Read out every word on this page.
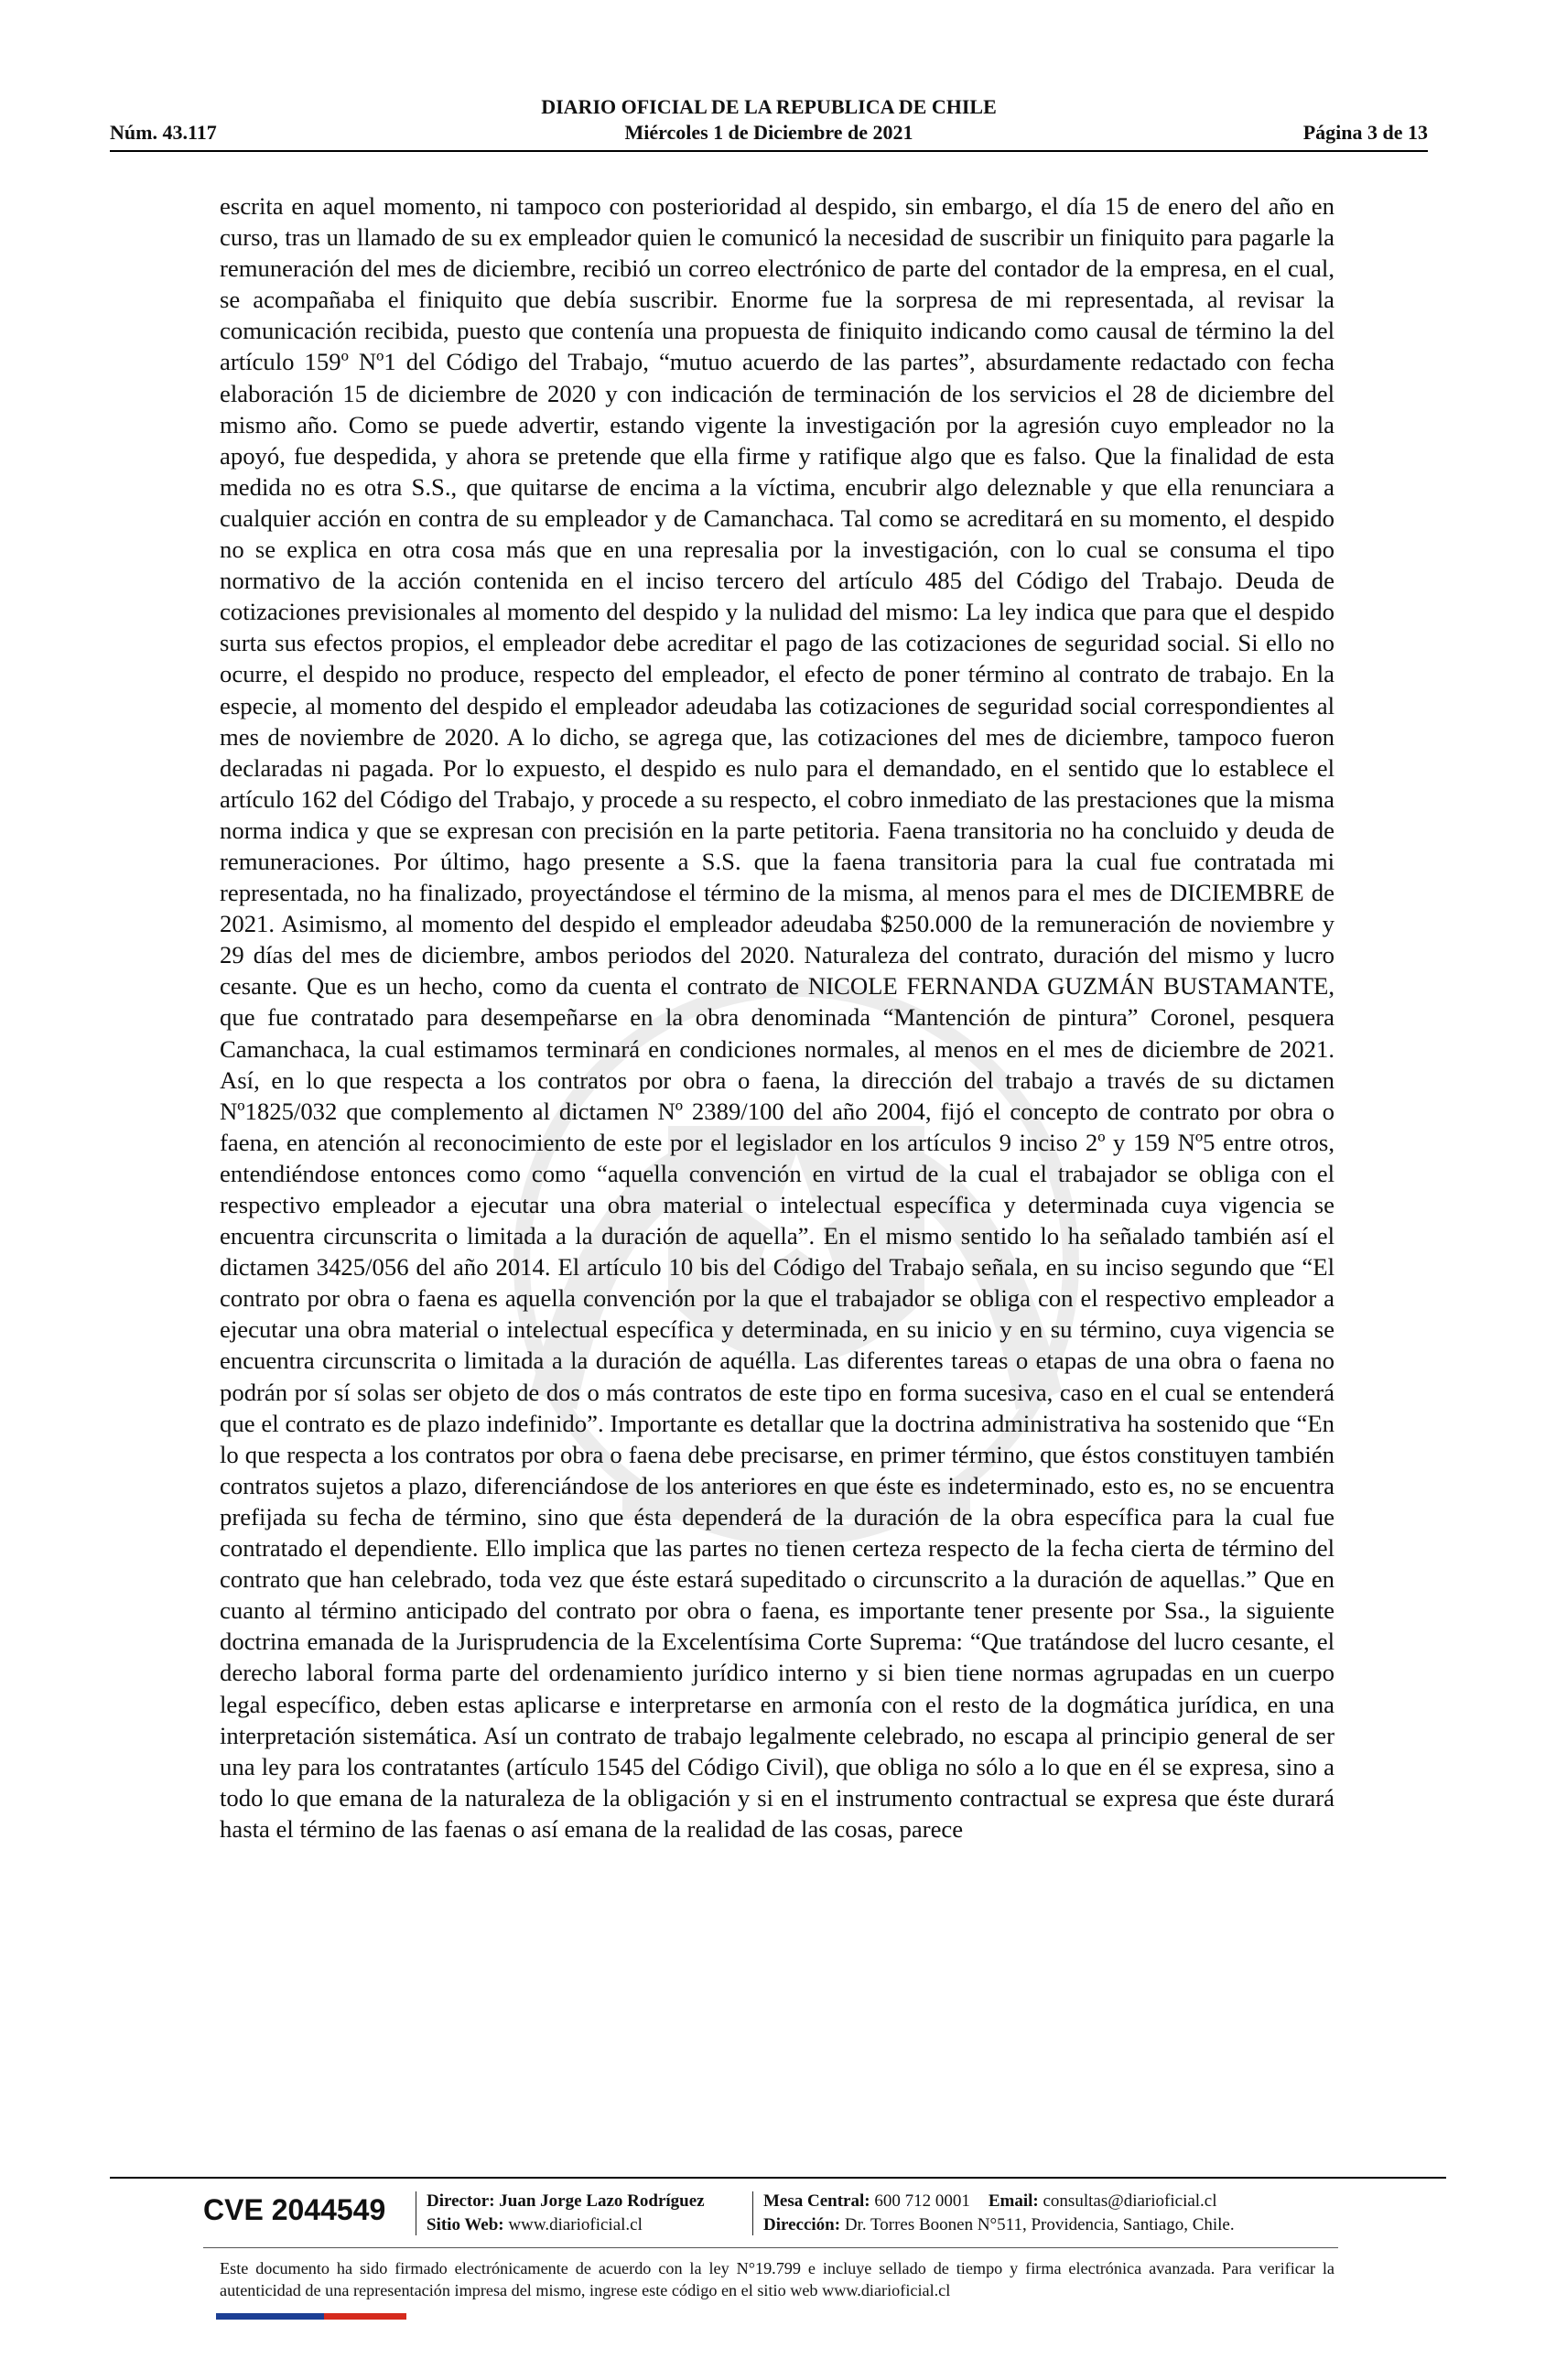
DIARIO OFICIAL DE LA REPUBLICA DE CHILE
Núm. 43.117	Miércoles 1 de Diciembre de 2021	Página 3 de 13
escrita en aquel momento, ni tampoco con posterioridad al despido, sin embargo, el día 15 de enero del año en curso, tras un llamado de su ex empleador quien le comunicó la necesidad de suscribir un finiquito para pagarle la remuneración del mes de diciembre, recibió un correo electrónico de parte del contador de la empresa, en el cual, se acompañaba el finiquito que debía suscribir. Enorme fue la sorpresa de mi representada, al revisar la comunicación recibida, puesto que contenía una propuesta de finiquito indicando como causal de término la del artículo 159º Nº1 del Código del Trabajo, “mutuo acuerdo de las partes”, absurdamente redactado con fecha elaboración 15 de diciembre de 2020 y con indicación de terminación de los servicios el 28 de diciembre del mismo año. Como se puede advertir, estando vigente la investigación por la agresión cuyo empleador no la apoyó, fue despedida, y ahora se pretende que ella firme y ratifique algo que es falso. Que la finalidad de esta medida no es otra S.S., que quitarse de encima a la víctima, encubrir algo deleznable y que ella renunciara a cualquier acción en contra de su empleador y de Camanchaca. Tal como se acreditará en su momento, el despido no se explica en otra cosa más que en una represalia por la investigación, con lo cual se consuma el tipo normativo de la acción contenida en el inciso tercero del artículo 485 del Código del Trabajo. Deuda de cotizaciones previsionales al momento del despido y la nulidad del mismo: La ley indica que para que el despido surta sus efectos propios, el empleador debe acreditar el pago de las cotizaciones de seguridad social. Si ello no ocurre, el despido no produce, respecto del empleador, el efecto de poner término al contrato de trabajo. En la especie, al momento del despido el empleador adeudaba las cotizaciones de seguridad social correspondientes al mes de noviembre de 2020. A lo dicho, se agrega que, las cotizaciones del mes de diciembre, tampoco fueron declaradas ni pagada. Por lo expuesto, el despido es nulo para el demandado, en el sentido que lo establece el artículo 162 del Código del Trabajo, y procede a su respecto, el cobro inmediato de las prestaciones que la misma norma indica y que se expresan con precisión en la parte petitoria. Faena transitoria no ha concluido y deuda de remuneraciones. Por último, hago presente a S.S. que la faena transitoria para la cual fue contratada mi representada, no ha finalizado, proyectándose el término de la misma, al menos para el mes de DICIEMBRE de 2021. Asimismo, al momento del despido el empleador adeudaba $250.000 de la remuneración de noviembre y 29 días del mes de diciembre, ambos periodos del 2020. Naturaleza del contrato, duración del mismo y lucro cesante. Que es un hecho, como da cuenta el contrato de NICOLE FERNANDA GUZMÁN BUSTAMANTE, que fue contratado para desempeñarse en la obra denominada “Mantención de pintura” Coronel, pesquera Camanchaca, la cual estimamos terminará en condiciones normales, al menos en el mes de diciembre de 2021. Así, en lo que respecta a los contratos por obra o faena, la dirección del trabajo a través de su dictamen Nº1825/032 que complemento al dictamen Nº 2389/100 del año 2004, fijó el concepto de contrato por obra o faena, en atención al reconocimiento de este por el legislador en los artículos 9 inciso 2º y 159 Nº5 entre otros, entendiéndose entonces como como “aquella convención en virtud de la cual el trabajador se obliga con el respectivo empleador a ejecutar una obra material o intelectual específica y determinada cuya vigencia se encuentra circunscrita o limitada a la duración de aquella”. En el mismo sentido lo ha señalado también así el dictamen 3425/056 del año 2014. El artículo 10 bis del Código del Trabajo señala, en su inciso segundo que “El contrato por obra o faena es aquella convención por la que el trabajador se obliga con el respectivo empleador a ejecutar una obra material o intelectual específica y determinada, en su inicio y en su término, cuya vigencia se encuentra circunscrita o limitada a la duración de aquélla. Las diferentes tareas o etapas de una obra o faena no podrán por sí solas ser objeto de dos o más contratos de este tipo en forma sucesiva, caso en el cual se entenderá que el contrato es de plazo indefinido”. Importante es detallar que la doctrina administrativa ha sostenido que “En lo que respecta a los contratos por obra o faena debe precisarse, en primer término, que éstos constituyen también contratos sujetos a plazo, diferenciándose de los anteriores en que éste es indeterminado, esto es, no se encuentra prefijada su fecha de término, sino que ésta dependerá de la duración de la obra específica para la cual fue contratado el dependiente. Ello implica que las partes no tienen certeza respecto de la fecha cierta de término del contrato que han celebrado, toda vez que éste estará supeditado o circunscrito a la duración de aquellas.” Que en cuanto al término anticipado del contrato por obra o faena, es importante tener presente por Ssa., la siguiente doctrina emanada de la Jurisprudencia de la Excelentísima Corte Suprema: “Que tratándose del lucro cesante, el derecho laboral forma parte del ordenamiento jurídico interno y si bien tiene normas agrupadas en un cuerpo legal específico, deben estas aplicarse e interpretarse en armonía con el resto de la dogmática jurídica, en una interpretación sistemática. Así un contrato de trabajo legalmente celebrado, no escapa al principio general de ser una ley para los contratantes (artículo 1545 del Código Civil), que obliga no sólo a lo que en él se expresa, sino a todo lo que emana de la naturaleza de la obligación y si en el instrumento contractual se expresa que éste durará hasta el término de las faenas o así emana de la realidad de las cosas, parece
CVE 2044549 Director: Juan Jorge Lazo Rodríguez
Sitio Web: www.diarioficial.cl
Mesa Central: 600 712 0001 Email: consultas@diarioficial.cl
Dirección: Dr. Torres Boonen N°511, Providencia, Santiago, Chile.
Este documento ha sido firmado electrónicamente de acuerdo con la ley N°19.799 e incluye sellado de tiempo y firma electrónica avanzada. Para verificar la autenticidad de una representación impresa del mismo, ingrese este código en el sitio web www.diarioficial.cl
